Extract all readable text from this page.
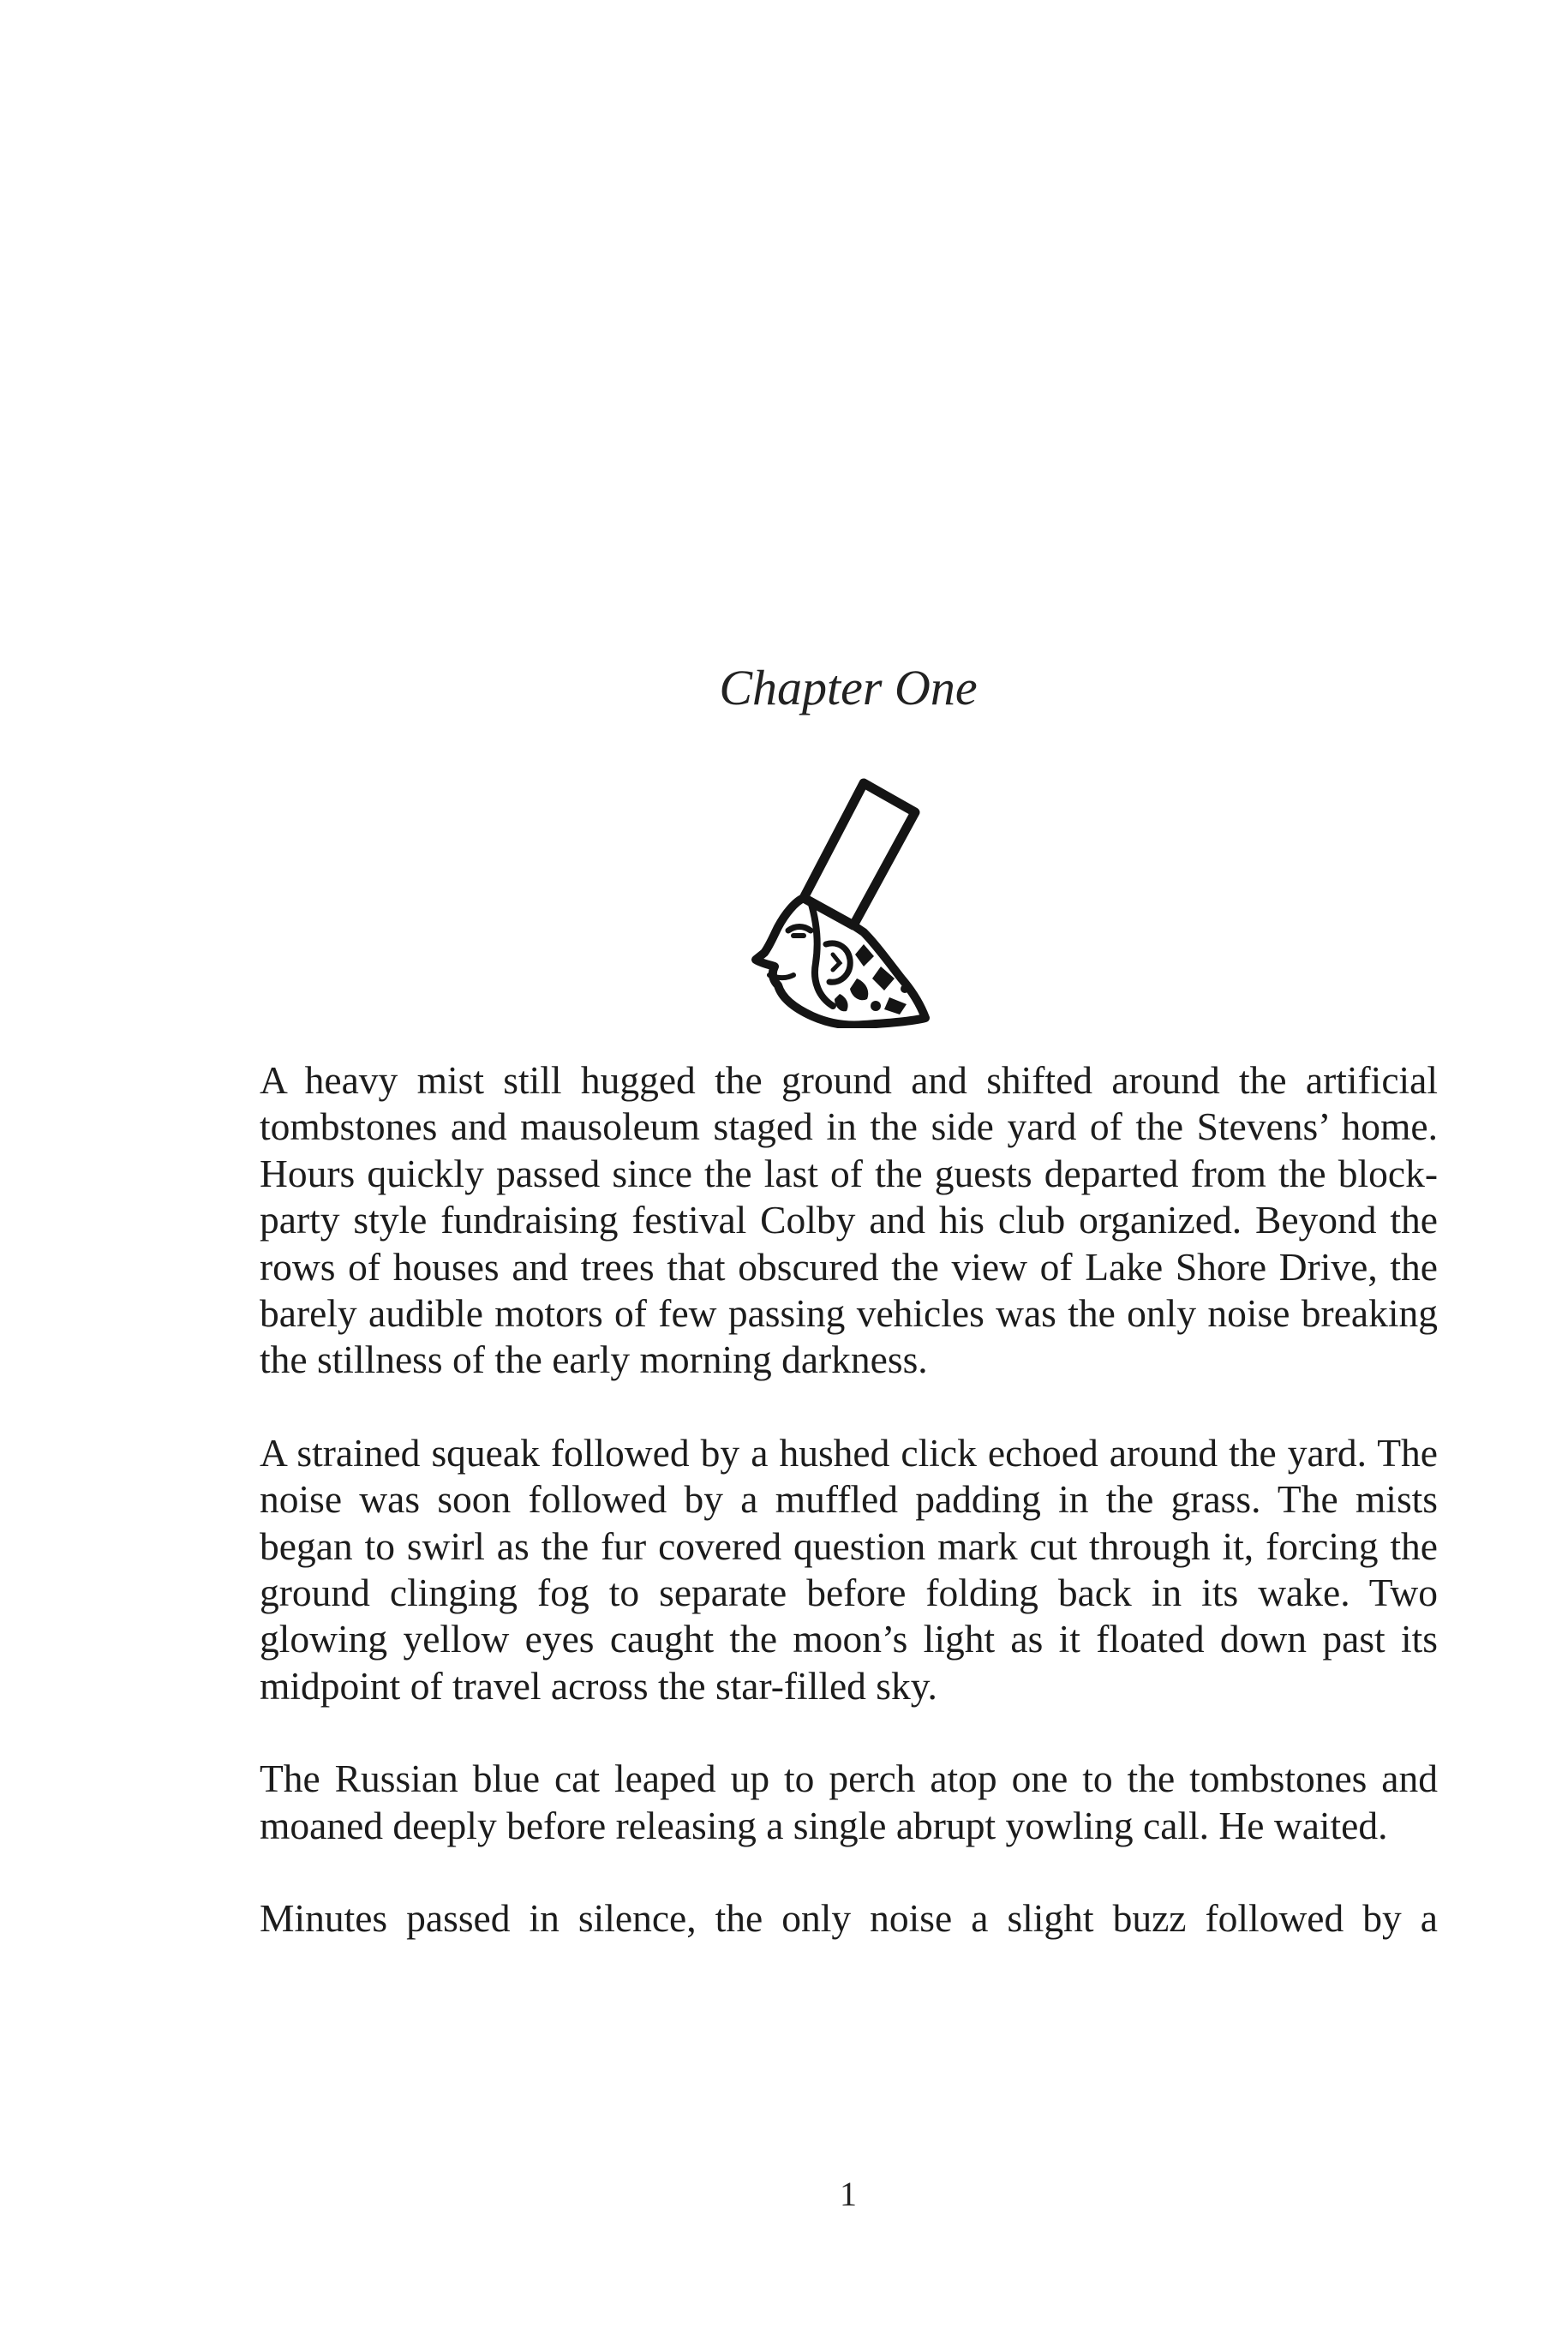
Chapter One

A heavy mist still hugged the ground and shifted around the artificial tombstones and mausoleum staged in the side yard of the Stevens’ home. Hours quickly passed since the last of the guests departed from the block-party style fundraising festival Colby and his club organized. Beyond the rows of houses and trees that obscured the view of Lake Shore Drive, the barely audible motors of few passing vehicles was the only noise breaking the stillness of the early morning darkness.

A strained squeak followed by a hushed click echoed around the yard. The noise was soon followed by a muffled padding in the grass. The mists began to swirl as the fur covered question mark cut through it, forcing the ground clinging fog to separate before folding back in its wake. Two glowing yellow eyes caught the moon’s light as it floated down past its midpoint of travel across the star-filled sky.

The Russian blue cat leaped up to perch atop one to the tombstones and moaned deeply before releasing a single abrupt yowling call. He waited.

Minutes passed in silence, the only noise a slight buzz followed by a

1
